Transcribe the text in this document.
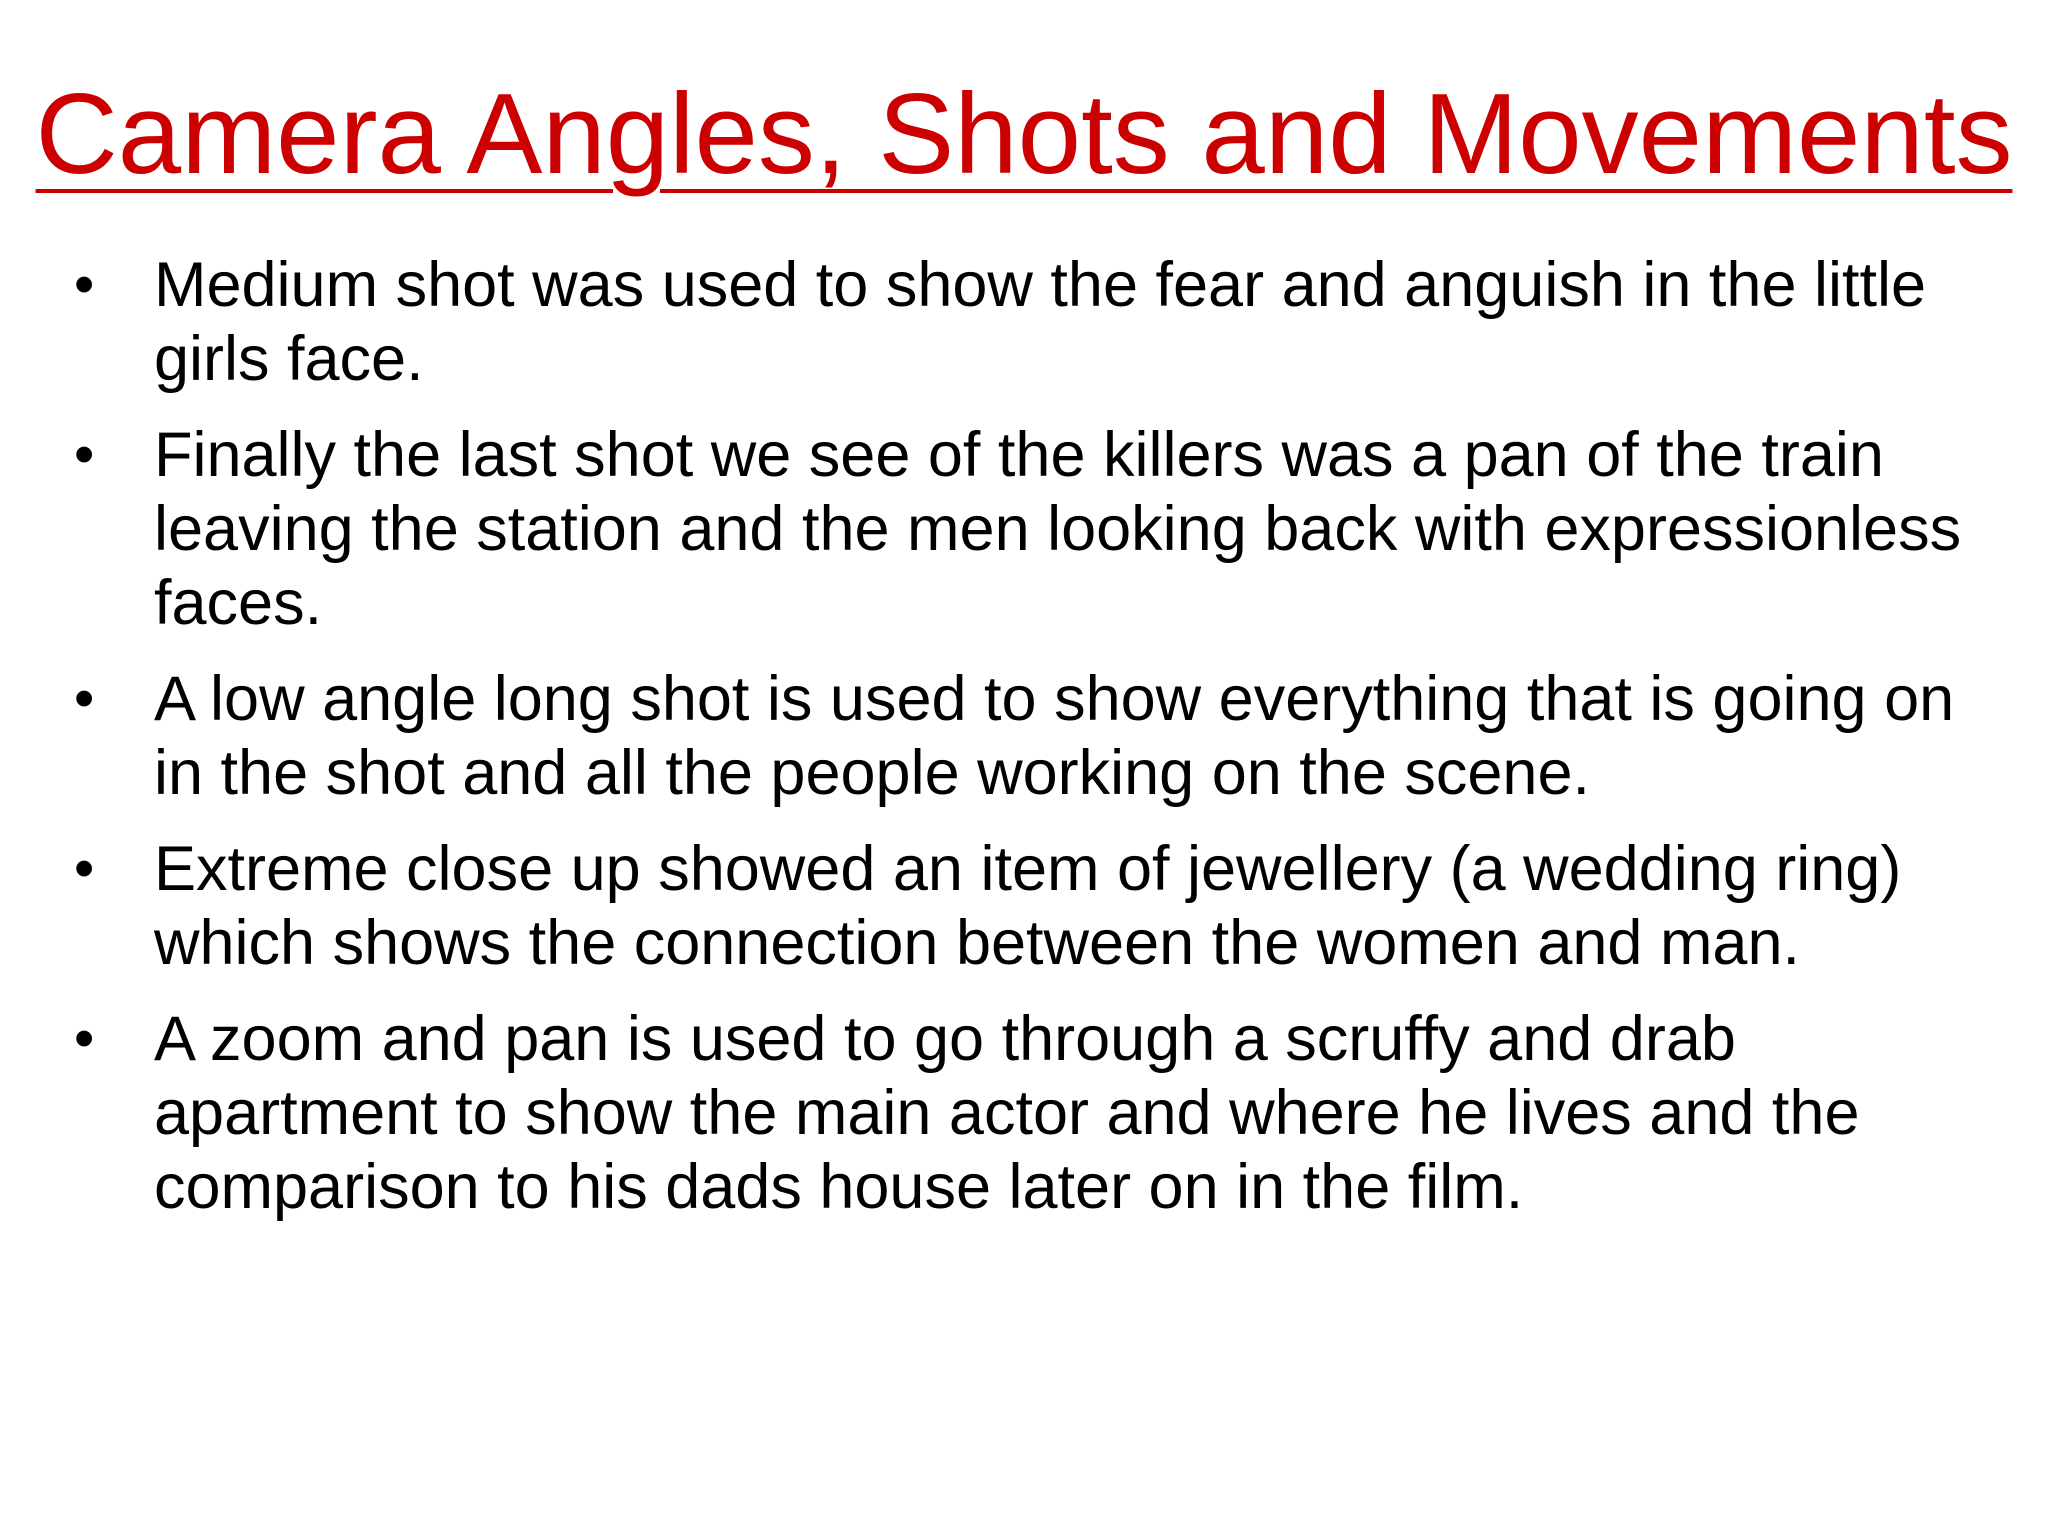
Camera Angles, Shots and Movements
• Medium shot was used to show the fear and anguish in the little girls face.
• Finally the last shot we see of the killers was a pan of the train leaving the station and the men looking back with expressionless faces.
• A low angle long shot is used to show everything that is going on in the shot and all the people working on the scene.
• Extreme close up showed an item of jewellery (a wedding ring) which shows the connection between the women and man.
• A zoom and pan is used to go through a scruffy and drab apartment to show the main actor and where he lives and the comparison to his dads house later on in the film.
